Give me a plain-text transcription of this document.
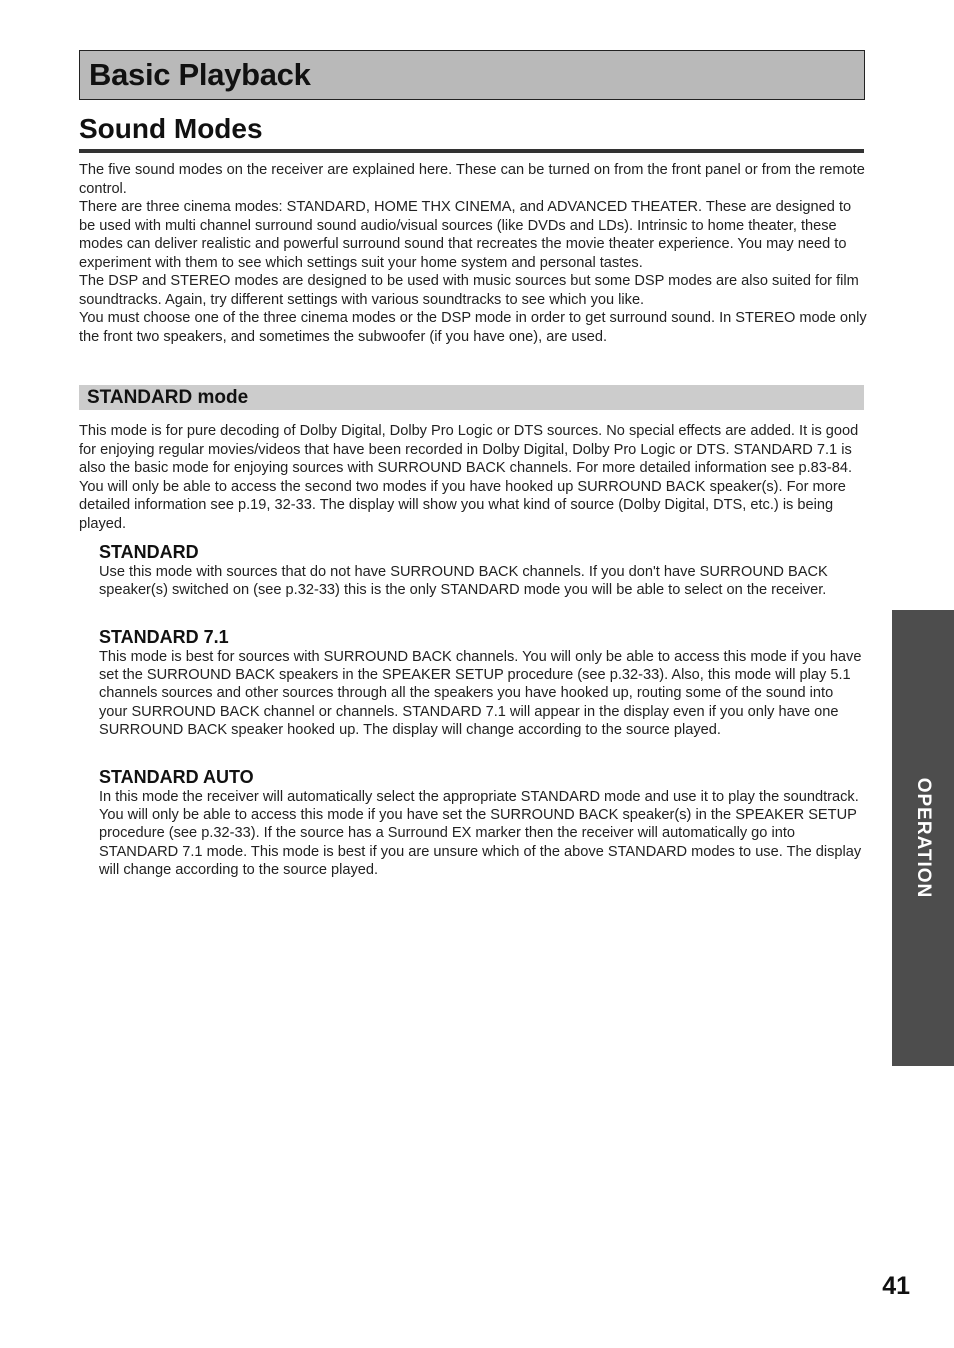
Basic Playback
Sound Modes

The five sound modes on the receiver are explained here. These can be turned on from the front panel or from the remote control.

There are three cinema modes: STANDARD, HOME THX CINEMA, and ADVANCED THEATER. These are designed to be used with multi channel surround sound audio/visual sources (like DVDs and LDs). Intrinsic to home theater, these modes can deliver realistic and powerful surround sound that recreates the movie theater experience. You may need to experiment with them to see which settings suit your home system and personal tastes.

The DSP and STEREO modes are designed to be used with music sources but some DSP modes are also suited for film soundtracks. Again, try different settings with various soundtracks to see which you like.

You must choose one of the three cinema modes or the DSP mode in order to get surround sound. In STEREO mode only the front two speakers, and sometimes the subwoofer (if you have one), are used.

STANDARD mode

This mode is for pure decoding of Dolby Digital, Dolby Pro Logic or DTS sources. No special effects are added. It is good for enjoying regular movies/videos that have been recorded in Dolby Digital, Dolby Pro Logic or DTS. STANDARD 7.1 is also the basic mode for enjoying sources with SURROUND BACK channels. For more detailed information see p.83-84. You will only be able to access the second two modes if you have hooked up SURROUND BACK speaker(s). For more detailed information see p.19, 32-33. The display will show you what kind of source (Dolby Digital, DTS, etc.) is being played.

STANDARD

Use this mode with sources that do not have SURROUND BACK channels. If you don't have SURROUND BACK speaker(s) switched on (see p.32-33) this is the only STANDARD mode you will be able to select on the receiver.

STANDARD 7.1

This mode is best for sources with SURROUND BACK channels. You will only be able to access this mode if you have set the SURROUND BACK speakers in the SPEAKER SETUP procedure (see p.32-33). Also, this mode will play 5.1 channels sources and other sources through all the speakers you have hooked up, routing some of the sound into your SURROUND BACK channel or channels. STANDARD 7.1 will appear in the display even if you only have one SURROUND BACK speaker hooked up. The display will change according to the source played.

STANDARD AUTO

In this mode the receiver will automatically select the appropriate STANDARD mode and use it to play the soundtrack. You will only be able to access this mode if you have set the SURROUND BACK speaker(s) in the SPEAKER SETUP procedure (see p.32-33). If the source has a Surround EX marker then the receiver will automatically go into STANDARD 7.1 mode. This mode is best if you are unsure which of the above STANDARD modes to use. The display will change according to the source played.	OPERATION
41
